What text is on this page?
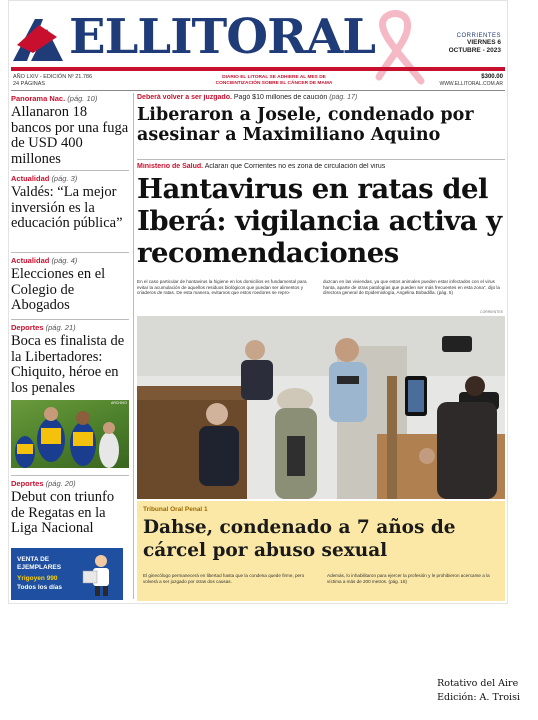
ELLITORAL	CORRIENTES
VIERNES 6
OCTUBRE - 2023
AÑO LXIV - EDICIÓN Nº 21.786
24 PÁGINAS
DIARIO EL LITORAL SE ADHIERE AL MES DE
CONCIENTIZACIÓN SOBRE EL CÁNCER DE MAMA
$300.00
WWW.ELLITORAL.COM.AR
Panorama Nac. (pág. 10)
Allanaron 18 bancos por una fuga de USD 400 millones
Actualidad (pág. 3)
Valdés: “La mejor inversión es la educación pública”
Actualidad (pág. 4)
Elecciones en el Colegio de Abogados
Deportes (pág. 21)
Boca es finalista de la Libertadores: Chiquito, héroe en los penales
ARCHIVO
Deportes (pág. 20)
Debut con triunfo de Regatas en la Liga Nacional
VENTA DE
EJEMPLARES
Yrigoyen 990
Todos los días
Deberá volver a ser juzgado. Pagó $10 millones de caución (pág. 17)
Liberaron a Josele, condenado por asesinar a Maximiliano Aquino
Ministerio de Salud. Aclaran que Corrientes no es zona de circulación del virus
Hantavirus en ratas del Iberá: vigilancia activa y recomendaciones
En el caso particular de hantavirus la higiene en los domicilios es fundamental para evitar la acumulación de aquellos residuos biológicos que puedan ser alimentos y criaderos de ratas. De esta manera, evitamos que estos roedores se repro-
duzcan en las viviendas, ya que estos animales pueden estar infectados con el virus hanta, aparte de otras patologías que pueden ser más frecuentes en esta zona”, dijo la directora general de Epidemiología, Angelina Bobadilla. (pág. 5)
CORRIENTES
Tribunal Oral Penal 1
Dahse, condenado a 7 años de cárcel por abuso sexual
El ginecólogo permanecerá en libertad hasta que la condena quede firme, pero volverá a ser juzgado por otras dos causas.
Además, lo inhabilitaron para ejercer la profesión y le prohibieron acercarse a la víctima a más de 200 metros. (pág. 16)
Rotativo del Aire
Edición: A. Troisi
